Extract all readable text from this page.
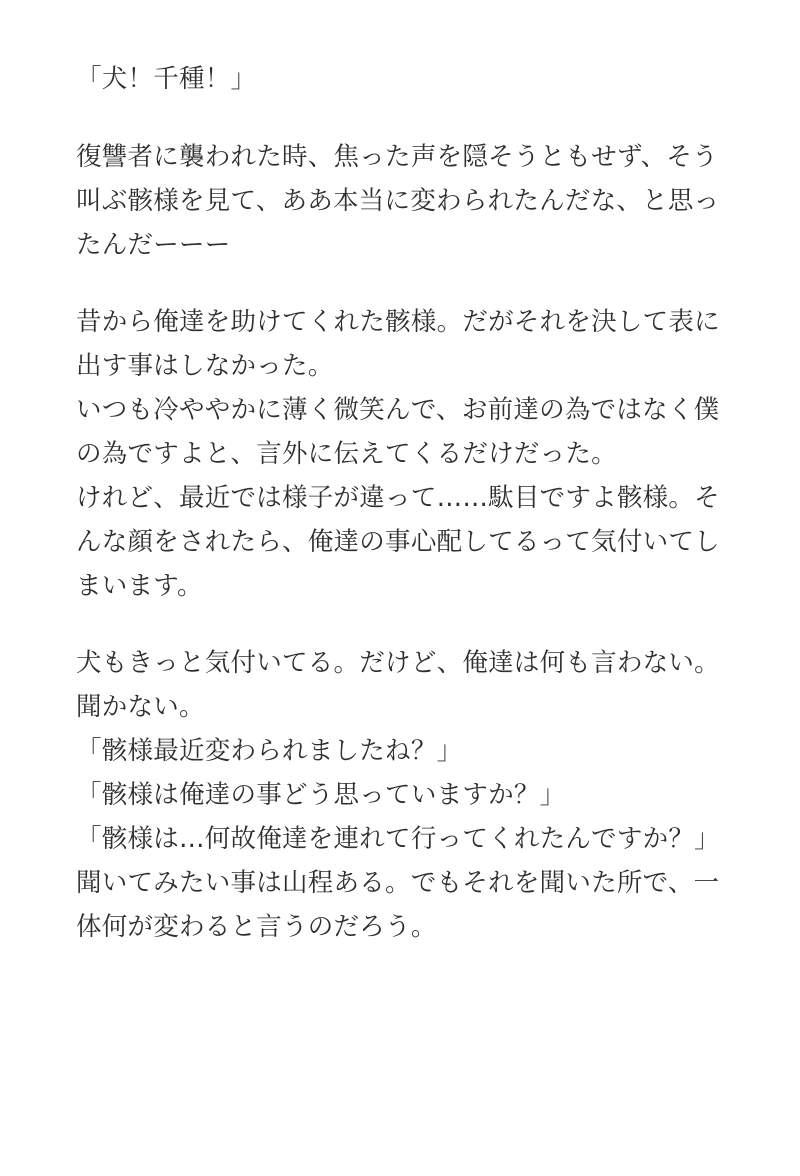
「犬！千種！」

復讐者に襲われた時、焦った声を隠そうともせず、そう叫ぶ骸様を見て、ああ本当に変わられたんだな、と思ったんだーーー

昔から俺達を助けてくれた骸様。だがそれを決して表に出す事はしなかった。

いつも冷ややかに薄く微笑んで、お前達の為ではなく僕の為ですよと、言外に伝えてくるだけだった。

けれど、最近では様子が違って……駄目ですよ骸様。そんな顔をされたら、俺達の事心配してるって気付いてしまいます。

犬もきっと気付いてる。だけど、俺達は何も言わない。聞かない。

「骸様最近変わられましたね？」

「骸様は俺達の事どう思っていますか？」

「骸様は…何故俺達を連れて行ってくれたんですか？」

聞いてみたい事は山程ある。でもそれを聞いた所で、一体何が変わると言うのだろう。
